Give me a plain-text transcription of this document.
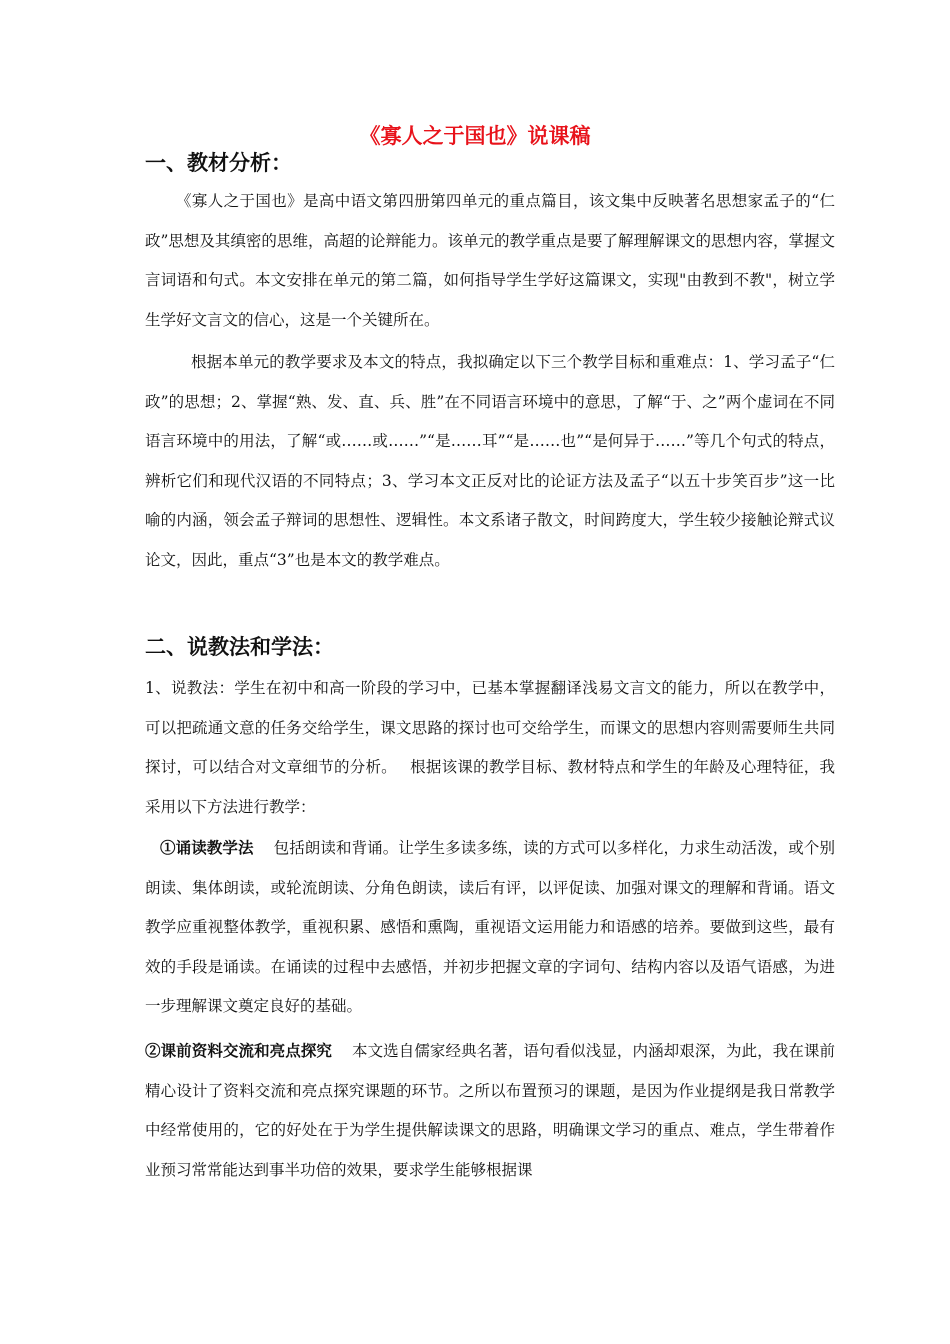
《寡人之于国也》说课稿
一、教材分析：

《寡人之于国也》是高中语文第四册第四单元的重点篇目，该文集中反映著名思想家孟子的“仁政”思想及其缜密的思维，高超的论辩能力。该单元的教学重点是要了解理解课文的思想内容，掌握文言词语和句式。本文安排在单元的第二篇，如何指导学生学好这篇课文，实现"由教到不教"，树立学生学好文言文的信心，这是一个关键所在。

根据本单元的教学要求及本文的特点，我拟确定以下三个教学目标和重难点：1、学习孟子“仁政”的思想；2、掌握“熟、发、直、兵、胜”在不同语言环境中的意思，了解“于、之”两个虚词在不同语言环境中的用法，了解“或……或……”“是……耳”“是……也”“是何异于……”等几个句式的特点，辨析它们和现代汉语的不同特点；3、学习本文正反对比的论证方法及孟子“以五十步笑百步”这一比喻的内涵，领会孟子辩词的思想性、逻辑性。本文系诸子散文，时间跨度大，学生较少接触论辩式议论文，因此，重点“3”也是本文的教学难点。

二、说教法和学法：

1、说教法：学生在初中和高一阶段的学习中，已基本掌握翻译浅易文言文的能力，所以在教学中，可以把疏通文意的任务交给学生，课文思路的探讨也可交给学生，而课文的思想内容则需要师生共同探讨，可以结合对文章细节的分析。　 根据该课的教学目标、教材特点和学生的年龄及心理特征，我采用以下方法进行教学：

①诵读教学法 包括朗读和背诵。让学生多读多练，读的方式可以多样化，力求生动活泼，或个别朗读、集体朗读，或轮流朗读、分角色朗读，读后有评，以评促读、加强对课文的理解和背诵。语文教学应重视整体教学，重视积累、感悟和熏陶，重视语文运用能力和语感的培养。要做到这些，最有效的手段是诵读。在诵读的过程中去感悟，并初步把握文章的字词句、结构内容以及语气语感，为进一步理解课文奠定良好的基础。

②课前资料交流和亮点探究 本文选自儒家经典名著，语句看似浅显，内涵却艰深，为此，我在课前精心设计了资料交流和亮点探究课题的环节。之所以布置预习的课题，是因为作业提纲是我日常教学中经常使用的，它的好处在于为学生提供解读课文的思路，明确课文学习的重点、难点，学生带着作业预习常常能达到事半功倍的效果，要求学生能够根据课
